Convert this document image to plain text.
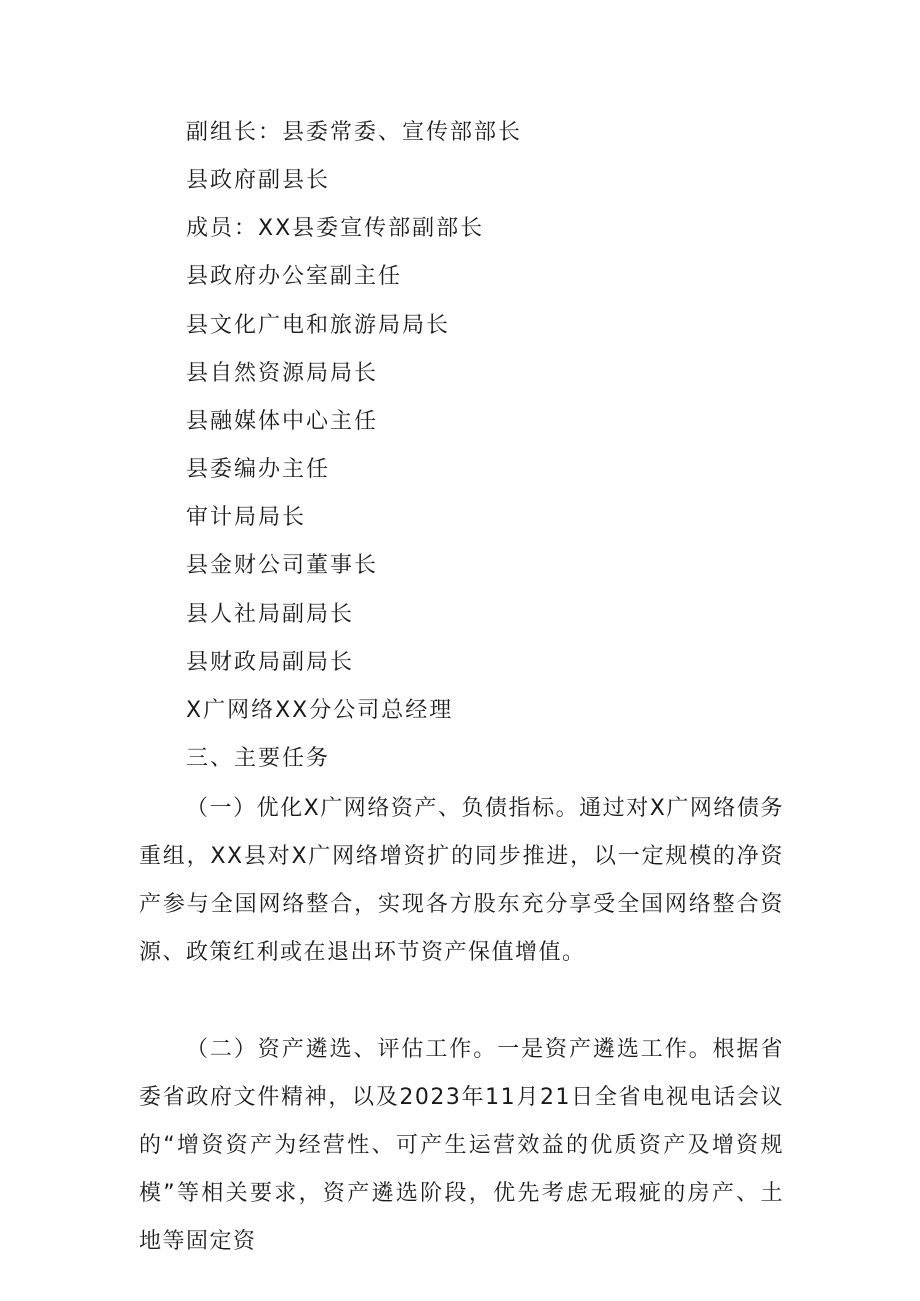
副组长：县委常委、宣传部部长
县政府副县长
成员：XX县委宣传部副部长
县政府办公室副主任
县文化广电和旅游局局长
县自然资源局局长
县融媒体中心主任
县委编办主任
审计局局长
县金财公司董事长
县人社局副局长
县财政局副局长
X广网络XX分公司总经理
三、主要任务
（一）优化X广网络资产、负债指标。通过对X广网络债务重组，XX县对X广网络增资扩的同步推进，以一定规模的净资产参与全国网络整合，实现各方股东充分享受全国网络整合资源、政策红利或在退出环节资产保值增值。
（二）资产遴选、评估工作。一是资产遴选工作。根据省委省政府文件精神，以及2023年11月21日全省电视电话会议的“增资资产为经营性、可产生运营效益的优质资产及增资规模”等相关要求，资产遴选阶段，优先考虑无瑕疵的房产、土地等固定资
